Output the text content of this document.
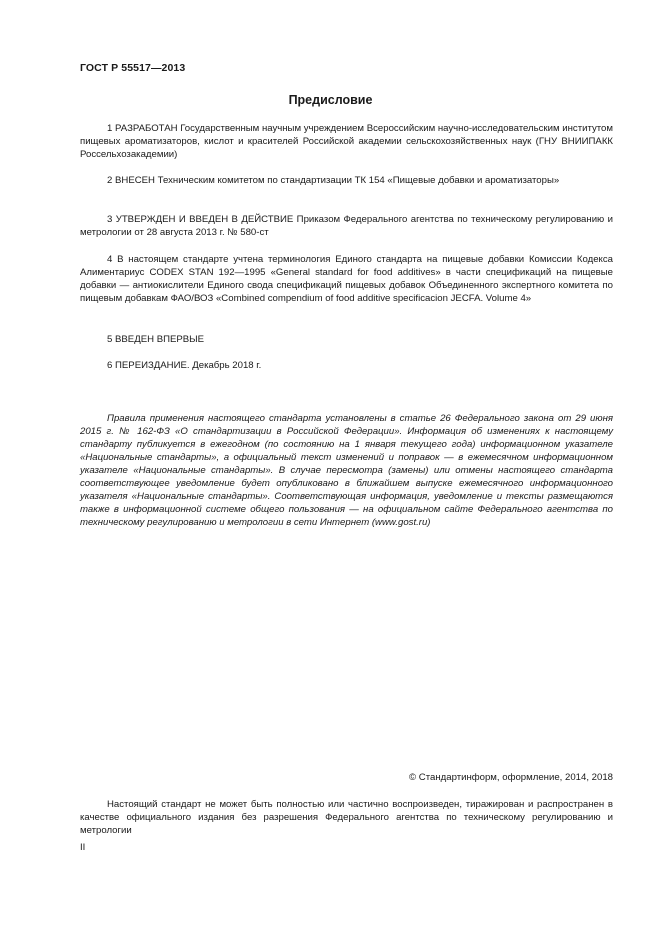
ГОСТ Р 55517—2013
Предисловие

1 РАЗРАБОТАН Государственным научным учреждением Всероссийским научно-исследовательским институтом пищевых ароматизаторов, кислот и красителей Российской академии сельскохозяйственных наук (ГНУ ВНИИПАКК Россельхозакадемии)

2 ВНЕСЕН Техническим комитетом по стандартизации ТК 154 «Пищевые добавки и ароматизаторы»

3 УТВЕРЖДЕН И ВВЕДЕН В ДЕЙСТВИЕ Приказом Федерального агентства по техническому регулированию и метрологии от 28 августа 2013 г. № 580-ст

4 В настоящем стандарте учтена терминология Единого стандарта на пищевые добавки Комиссии Кодекса Алиментариус CODEX STAN 192—1995 «General standard for food additives» в части спецификаций на пищевые добавки — антиокислители Единого свода спецификаций пищевых добавок Объединенного экспертного комитета по пищевым добавкам ФАО/ВОЗ «Combined compendium of food additive specificacion JECFA. Volume 4»

5 ВВЕДЕН ВПЕРВЫЕ

6 ПЕРЕИЗДАНИЕ. Декабрь 2018 г.

Правила применения настоящего стандарта установлены в статье 26 Федерального закона от 29 июня 2015 г. № 162-ФЗ «О стандартизации в Российской Федерации». Информация об изменениях к настоящему стандарту публикуется в ежегодном (по состоянию на 1 января текущего года) информационном указателе «Национальные стандарты», а официальный текст изменений и поправок — в ежемесячном информационном указателе «Национальные стандарты». В случае пересмотра (замены) или отмены настоящего стандарта соответствующее уведомление будет опубликовано в ближайшем выпуске ежемесячного информационного указателя «Национальные стандарты». Соответствующая информация, уведомление и тексты размещаются также в информационной системе общего пользования — на официальном сайте Федерального агентства по техническому регулированию и метрологии в сети Интернет (www.gost.ru)

© Стандартинформ, оформление, 2014, 2018

Настоящий стандарт не может быть полностью или частично воспроизведен, тиражирован и распространен в качестве официального издания без разрешения Федерального агентства по техническому регулированию и метрологии

II
